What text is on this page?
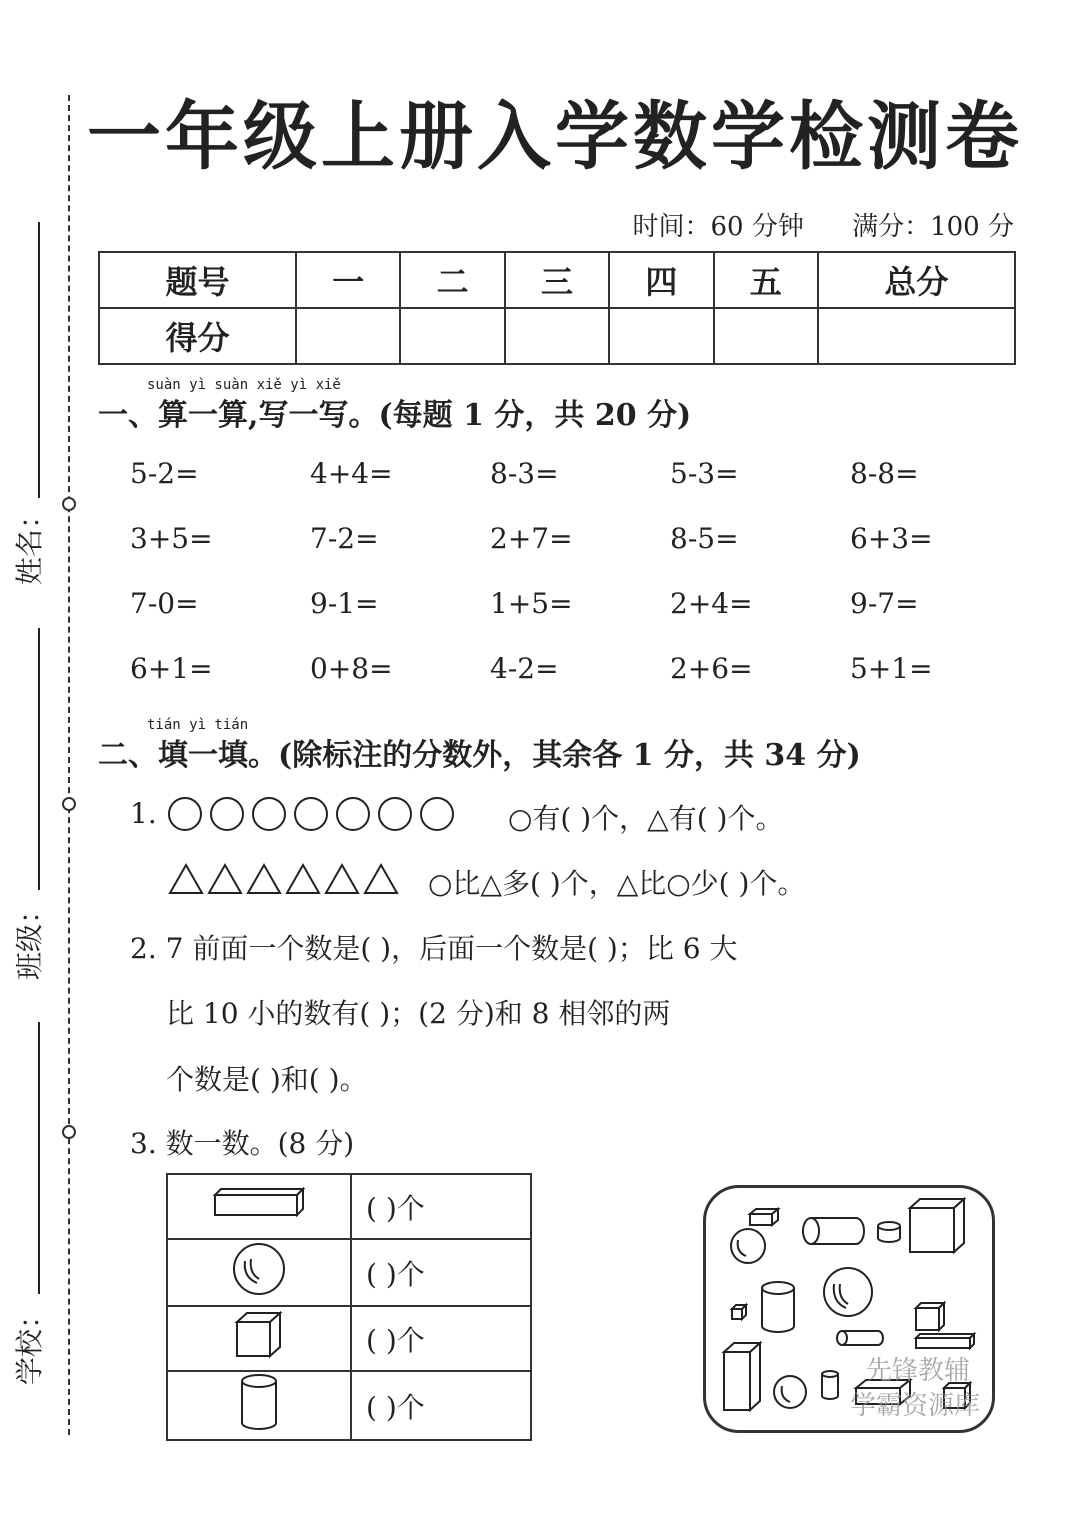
姓名：
班级：
学校：
一年级上册入学数学检测卷
时间：60 分钟 满分：100 分
题号	一	二	三	四	五	总分
得分						
suàn yì suàn xiě yì xiě
一、算一算,写一写。(每题 1 分，共 20 分)
5-2=	4+4=	8-3=	5-3=	8-8=
3+5=	7-2=	2+7=	8-5=	6+3=
7-0=	9-1=	1+5=	2+4=	9-7=
6+1=	0+8=	4-2=	2+6=	5+1=
tián yì tián
二、填一填。(除标注的分数外，其余各 1 分，共 34 分)
1.	○有( )个，△有( )个。
○比△多( )个，△比○少( )个。
2. 7 前面一个数是( )，后面一个数是( )；比 6 大
比 10 小的数有( )；(2 分)和 8 相邻的两
个数是( )和( )。
3. 数一数。(8 分)
	( )个
	( )个
	( )个
	( )个
先锋教辅
学霸资源库
